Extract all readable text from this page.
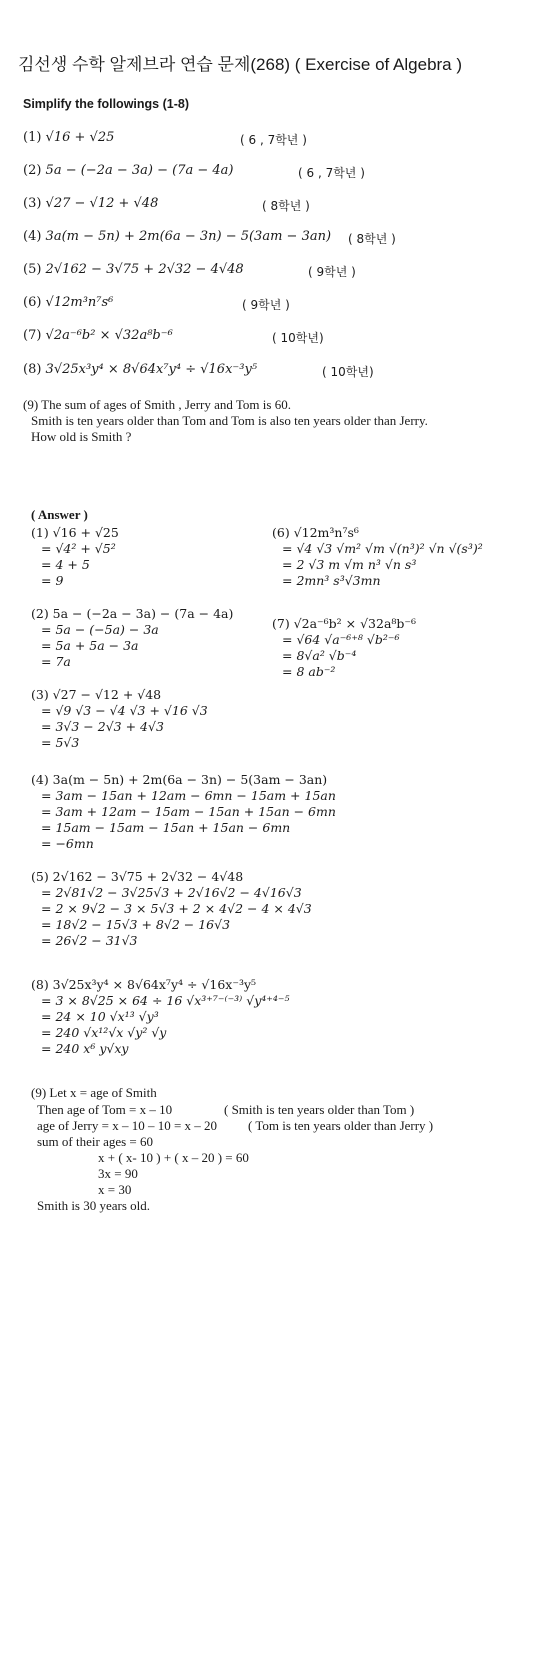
김선생 수학 알제브라 연습 문제(268) ( Exercise of Algebra )
Simplify the followings (1-8)
(1) √16 + √25	( 6 , 7학년 )
(2) 5a − (−2a − 3a) − (7a − 4a)	( 6 , 7학년 )
(3) √27 − √12 + √48	( 8학년 )
(4) 3a(m − 5n) + 2m(6a − 3n) − 5(3am − 3an) ( 8학년 )
(5) 2√162 − 3√75 + 2√32 − 4√48	( 9학년 )
(6) √12m³n⁷s⁶	( 9학년 )
(7) √2a⁻⁶b² × √32a⁸b⁻⁶	( 10학년)
(8) 3√25x³y⁴ × 8√64x⁷y⁴ ÷ √16x⁻³y⁵	( 10학년)
(9) The sum of ages of Smith , Jerry and Tom is 60.
Smith is ten years older than Tom and Tom is also ten years older than Jerry.
How old is Smith ?
( Answer )
(1) √16 + √25
= √4² + √5²
= 4 + 5
= 9
(2) 5a − (−2a − 3a) − (7a − 4a)
= 5a − (−5a) − 3a
= 5a + 5a − 3a
= 7a
(3) √27 − √12 + √48
= √9 √3 − √4 √3 + √16 √3
= 3√3 − 2√3 + 4√3
= 5√3
(4) 3a(m − 5n) + 2m(6a − 3n) − 5(3am − 3an)
= 3am − 15an + 12am − 6mn − 15am + 15an
= 3am + 12am − 15am − 15an + 15an − 6mn
= 15am − 15am − 15an + 15an − 6mn
= −6mn
(5) 2√162 − 3√75 + 2√32 − 4√48
= 2√81√2 − 3√25√3 + 2√16√2 − 4√16√3
= 2 × 9√2 − 3 × 5√3 + 2 × 4√2 − 4 × 4√3
= 18√2 − 15√3 + 8√2 − 16√3
= 26√2 − 31√3
(6) √12m³n⁷s⁶
= √4 √3 √m² √m √(n³)² √n √(s³)²
= 2 √3 m √m n³ √n s³
= 2mn³ s³√3mn
(7) √2a⁻⁶b² × √32a⁸b⁻⁶
= √64 √a⁻⁶⁺⁸ √b²⁻⁶
= 8√a² √b⁻⁴
= 8 ab⁻²
(8) 3√25x³y⁴ × 8√64x⁷y⁴ ÷ √16x⁻³y⁵
= 3 × 8√25 × 64 ÷ 16 √x³⁺⁷⁻⁽⁻³⁾ √y⁴⁺⁴⁻⁵
= 24 × 10 √x¹³ √y³
= 240 √x¹²√x √y² √y
= 240 x⁶ y√xy
(9) Let x = age of Smith
Then age of Tom = x – 10	( Smith is ten years older than Tom )
age of Jerry = x – 10 – 10 = x – 20 ( Tom is ten years older than Jerry )
sum of their ages = 60
x + ( x- 10 ) + ( x – 20 ) = 60
3x = 90
x = 30
Smith is 30 years old.
